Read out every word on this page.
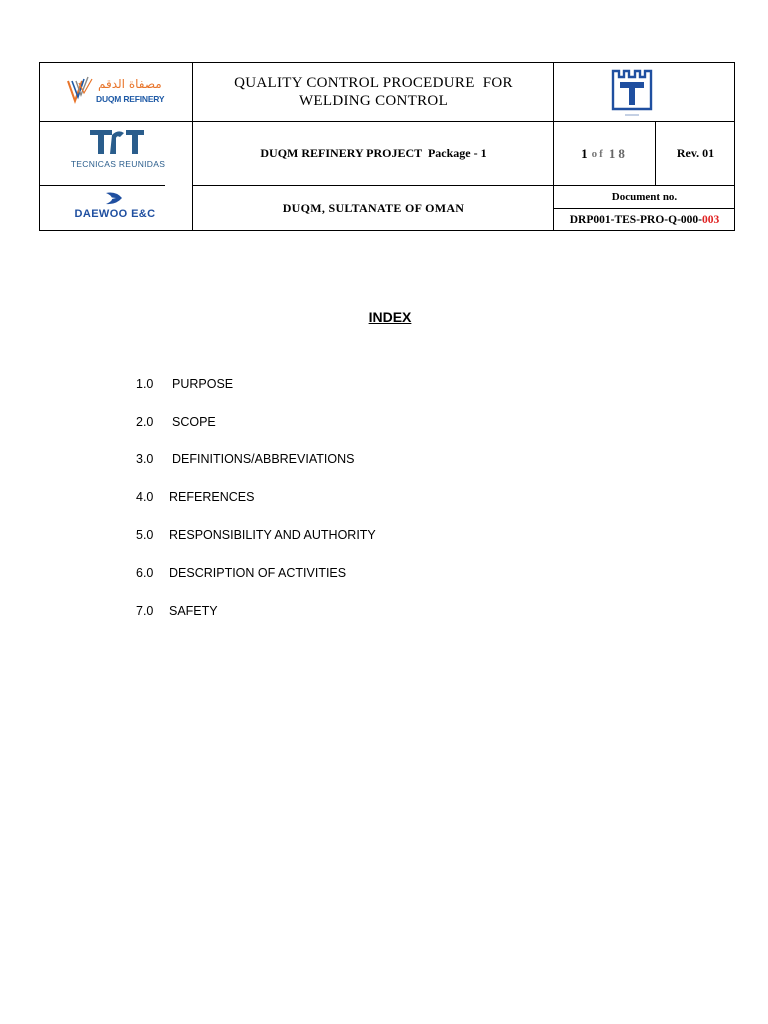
مصفاة الدقم
DUQM REFINERY
TECNICAS REUNIDAS
DAEWOO E&C
QUALITY CONTROL PROCEDURE  FOR
WELDING CONTROL
DUQM REFINERY PROJECT  Package - 1
DUQM, SULTANATE OF OMAN
1 of 18	Rev. 01
Document no.
DRP001-TES-PRO-Q-000- 003
INDEX
1.0 PURPOSE
2.0 SCOPE
3.0 DEFINITIONS/ABBREVIATIONS
4.0 REFERENCES
5.0 RESPONSIBILITY AND AUTHORITY
6.0 DESCRIPTION OF ACTIVITIES
7.0 SAFETY
